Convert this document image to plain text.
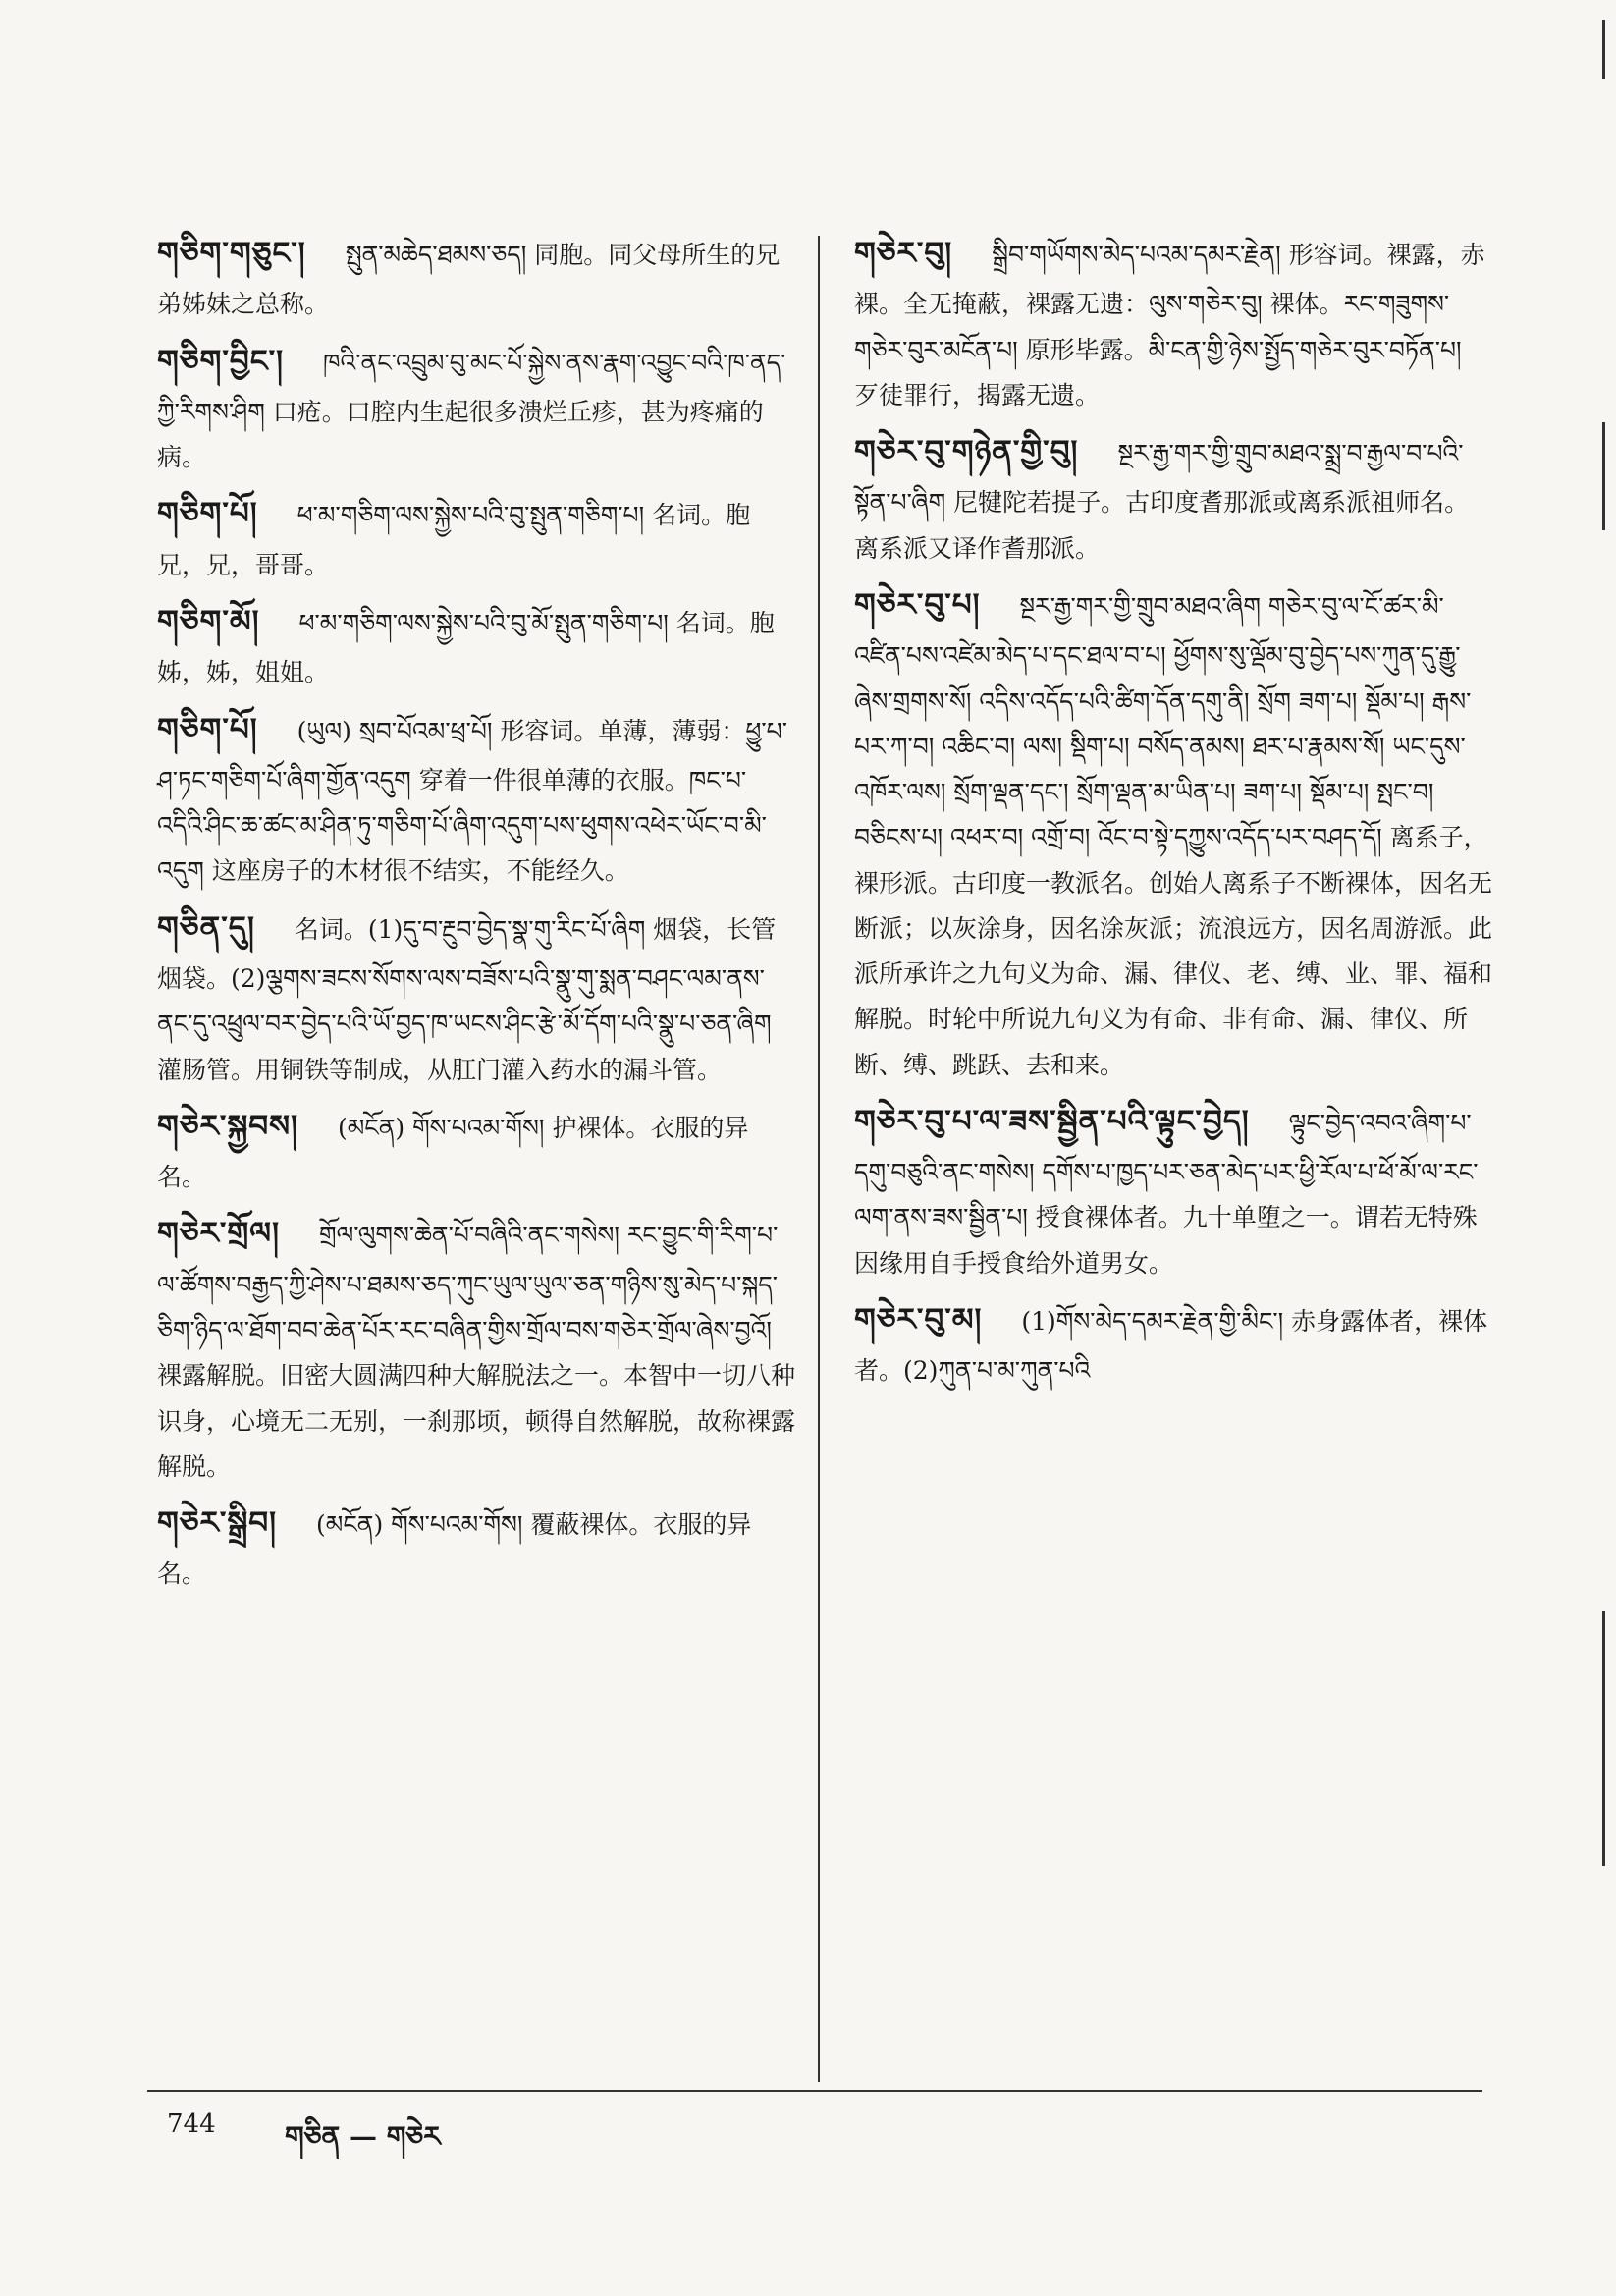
གཅིག་གཅུང་། སྤུན་མཆེད་ཐམས་ཅད། 同胞。同父母所生的兄弟姊妹之总称。
གཅིག་བྱིང་། ཁའི་ནང་འབྲུམ་བུ་མང་པོ་སྐྱེས་ནས་རྣག་འབྱུང་བའི་ཁ་ནད་ཀྱི་རིགས་ཤིག 口疮。口腔内生起很多溃烂丘疹，甚为疼痛的病。
གཅིག་པོ། ཕ་མ་གཅིག་ལས་སྐྱེས་པའི་བུ་སྤུན་གཅིག་པ། 名词。胞兄，兄，哥哥。
གཅིག་མོ། ཕ་མ་གཅིག་ལས་སྐྱེས་པའི་བུ་མོ་སྤུན་གཅིག་པ། 名词。胞姊，姊，姐姐。
གཅིག་པོ། (ཡུལ) སྲབ་པོའམ་ཕྲ་པོ། 形容词。单薄，薄弱：ཕྱུ་པ་ཤ་ཏང་གཅིག་པོ་ཞིག་གྱོན་འདུག 穿着一件很单薄的衣服。ཁང་པ་འདིའི་ཤིང་ཆ་ཚང་མ་ཤིན་ཏུ་གཅིག་པོ་ཞིག་འདུག་པས་ཕུགས་འཕེར་ཡོང་བ་མི་འདུག 这座房子的木材很不结实，不能经久。
གཅིན་དུ། 名词。(1)དུ་བ་རྔུབ་བྱེད་སྣ་གུ་རིང་པོ་ཞིག 烟袋，长管烟袋。(2)ལྕགས་ཟངས་སོགས་ལས་བཟོས་པའི་སྣུ་གུ་སྨན་བཤང་ལམ་ནས་ནང་དུ་འཕྲུལ་བར་བྱེད་པའི་ཡོ་བྱད་ཁ་ཡངས་ཤིང་རྩེ་མོ་དོག་པའི་སྣུ་པ་ཅན་ཞིག 灌肠管。用铜铁等制成，从肛门灌入药水的漏斗管。
གཅེར་སྐྱབས། (མངོན) གོས་པའམ་གོས། 护裸体。衣服的异名。
གཅེར་གྲོལ། གྲོལ་ལུགས་ཆེན་པོ་བཞིའི་ནང་གསེས། རང་བྱུང་གི་རིག་པ་ལ་ཚོགས་བརྒྱད་ཀྱི་ཤེས་པ་ཐམས་ཅད་ཀུང་ཡུལ་ཡུལ་ཅན་གཉིས་སུ་མེད་པ་སྐད་ཅིག་ཉིད་ལ་ཐོག་བབ་ཆེན་པོར་རང་བཞིན་གྱིས་གྲོལ་བས་གཅེར་གྲོལ་ཞེས་བྱའོ། 裸露解脱。旧密大圆满四种大解脱法之一。本智中一切八种识身，心境无二无别，一刹那顷，顿得自然解脱，故称裸露解脱。
གཅེར་སྒྲིབ། (མངོན) གོས་པའམ་གོས། 覆蔽裸体。衣服的异名。
གཅེར་བུ། སྒྲིབ་གཡོགས་མེད་པའམ་དམར་རྗེན། 形容词。裸露，赤裸。全无掩蔽，裸露无遗：ལུས་གཅེར་བུ། 裸体。རང་གཟུགས་གཅེར་བུར་མངོན་པ། 原形毕露。མི་ངན་གྱི་ཉེས་སྤྱོད་གཅེར་བུར་བཏོན་པ། 歹徒罪行，揭露无遗。
གཅེར་བུ་གཉེན་གྱི་བུ། སྔར་རྒྱ་གར་གྱི་གྲུབ་མཐའ་སྨྲ་བ་རྒྱལ་བ་པའི་སྟོན་པ་ཞིག 尼犍陀若提子。古印度耆那派或离系派祖师名。离系派又译作耆那派。
གཅེར་བུ་པ། སྔར་རྒྱ་གར་གྱི་གྲུབ་མཐའ་ཞིག གཅེར་བུ་ལ་ངོ་ཚར་མི་འཛིན་པས་འཛེམ་མེད་པ་དང་ཐལ་བ་པ། ཕྱོགས་སུ་ལྡོམ་བུ་བྱེད་པས་ཀུན་དུ་རྒྱུ་ཞེས་གྲགས་སོ། འདིས་འདོད་པའི་ཚིག་དོན་དགུ་ནི། སྲོག ཟག་པ། སྡོམ་པ། རྒས་པར་ཀ་བ། འཆིང་བ། ལས། སྡིག་པ། བསོད་ནམས། ཐར་པ་རྣམས་སོ། ཡང་དུས་འཁོར་ལས། སྲོག་ལྡན་དང་། སྲོག་ལྡན་མ་ཡིན་པ། ཟག་པ། སྡོམ་པ། སྤང་བ། བཅིངས་པ། འཕར་བ། འགྲོ་བ། འོང་བ་སྟེ་དཀྱུས་འདོད་པར་བཤད་དོ། 离系子，裸形派。古印度一教派名。创始人离系子不断裸体，因名无断派；以灰涂身，因名涂灰派；流浪远方，因名周游派。此派所承许之九句义为命、漏、律仪、老、缚、业、罪、福和解脱。时轮中所说九句义为有命、非有命、漏、律仪、所断、缚、跳跃、去和来。
གཅེར་བུ་པ་ལ་ཟས་སྦྱིན་པའི་ལྟུང་བྱེད། ལྟུང་བྱེད་འབའ་ཞིག་པ་དགུ་བཅུའི་ནང་གསེས། དགོས་པ་ཁྱད་པར་ཅན་མེད་པར་ཕྱི་རོལ་པ་ཕོ་མོ་ལ་རང་ལག་ནས་ཟས་སྦྱིན་པ། 授食裸体者。九十单堕之一。谓若无特殊因缘用自手授食给外道男女。
གཅེར་བུ་མ། (1)གོས་མེད་དམར་རྗེན་གྱི་མིང་། 赤身露体者，裸体者。(2)ཀུན་པ་མ་ཀུན་པའི
744	གཅིན — གཅེར
